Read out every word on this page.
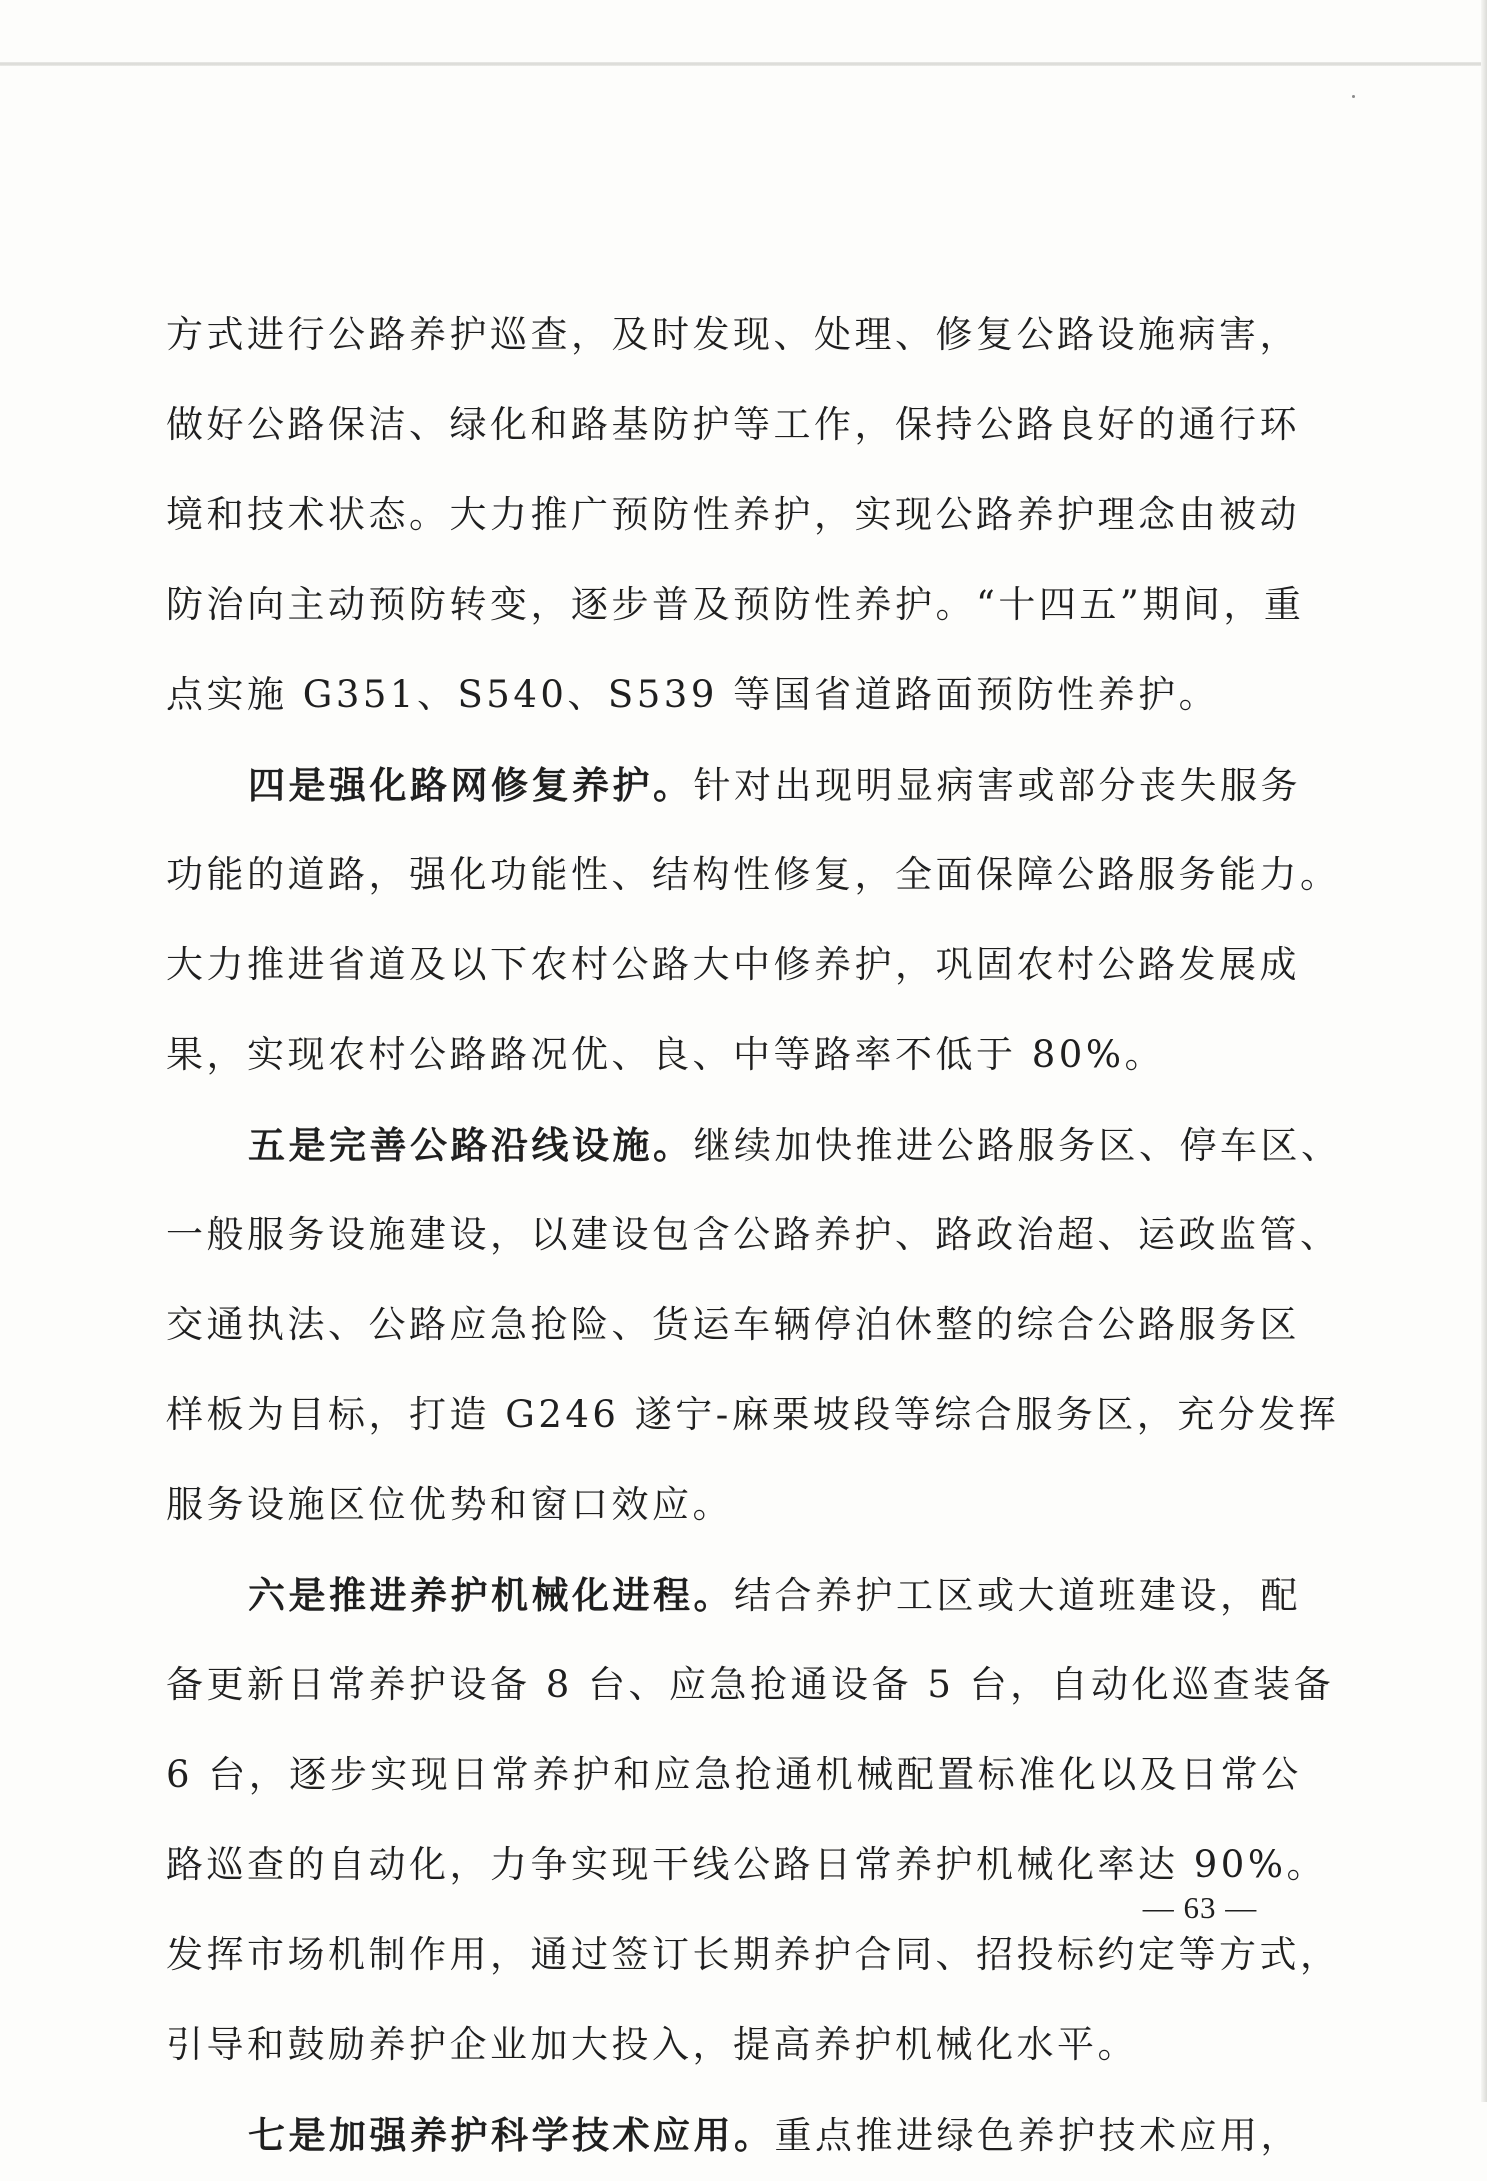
方式进行公路养护巡查，及时发现、处理、修复公路设施病害，
做好公路保洁、绿化和路基防护等工作，保持公路良好的通行环
境和技术状态。大力推广预防性养护，实现公路养护理念由被动
防治向主动预防转变，逐步普及预防性养护。“十四五”期间，重
点实施 G351、S540、S539 等国省道路面预防性养护。
四是强化路网修复养护。针对出现明显病害或部分丧失服务
功能的道路，强化功能性、结构性修复，全面保障公路服务能力。
大力推进省道及以下农村公路大中修养护，巩固农村公路发展成
果，实现农村公路路况优、良、中等路率不低于 80%。
五是完善公路沿线设施。继续加快推进公路服务区、停车区、
一般服务设施建设，以建设包含公路养护、路政治超、运政监管、
交通执法、公路应急抢险、货运车辆停泊休整的综合公路服务区
样板为目标，打造 G246 遂宁-麻栗坡段等综合服务区，充分发挥
服务设施区位优势和窗口效应。
六是推进养护机械化进程。结合养护工区或大道班建设，配
备更新日常养护设备 8 台、应急抢通设备 5 台，自动化巡查装备
6 台，逐步实现日常养护和应急抢通机械配置标准化以及日常公
路巡查的自动化，力争实现干线公路日常养护机械化率达 90%。
发挥市场机制作用，通过签订长期养护合同、招投标约定等方式，
引导和鼓励养护企业加大投入，提高养护机械化水平。
七是加强养护科学技术应用。重点推进绿色养护技术应用，
— 63 —
